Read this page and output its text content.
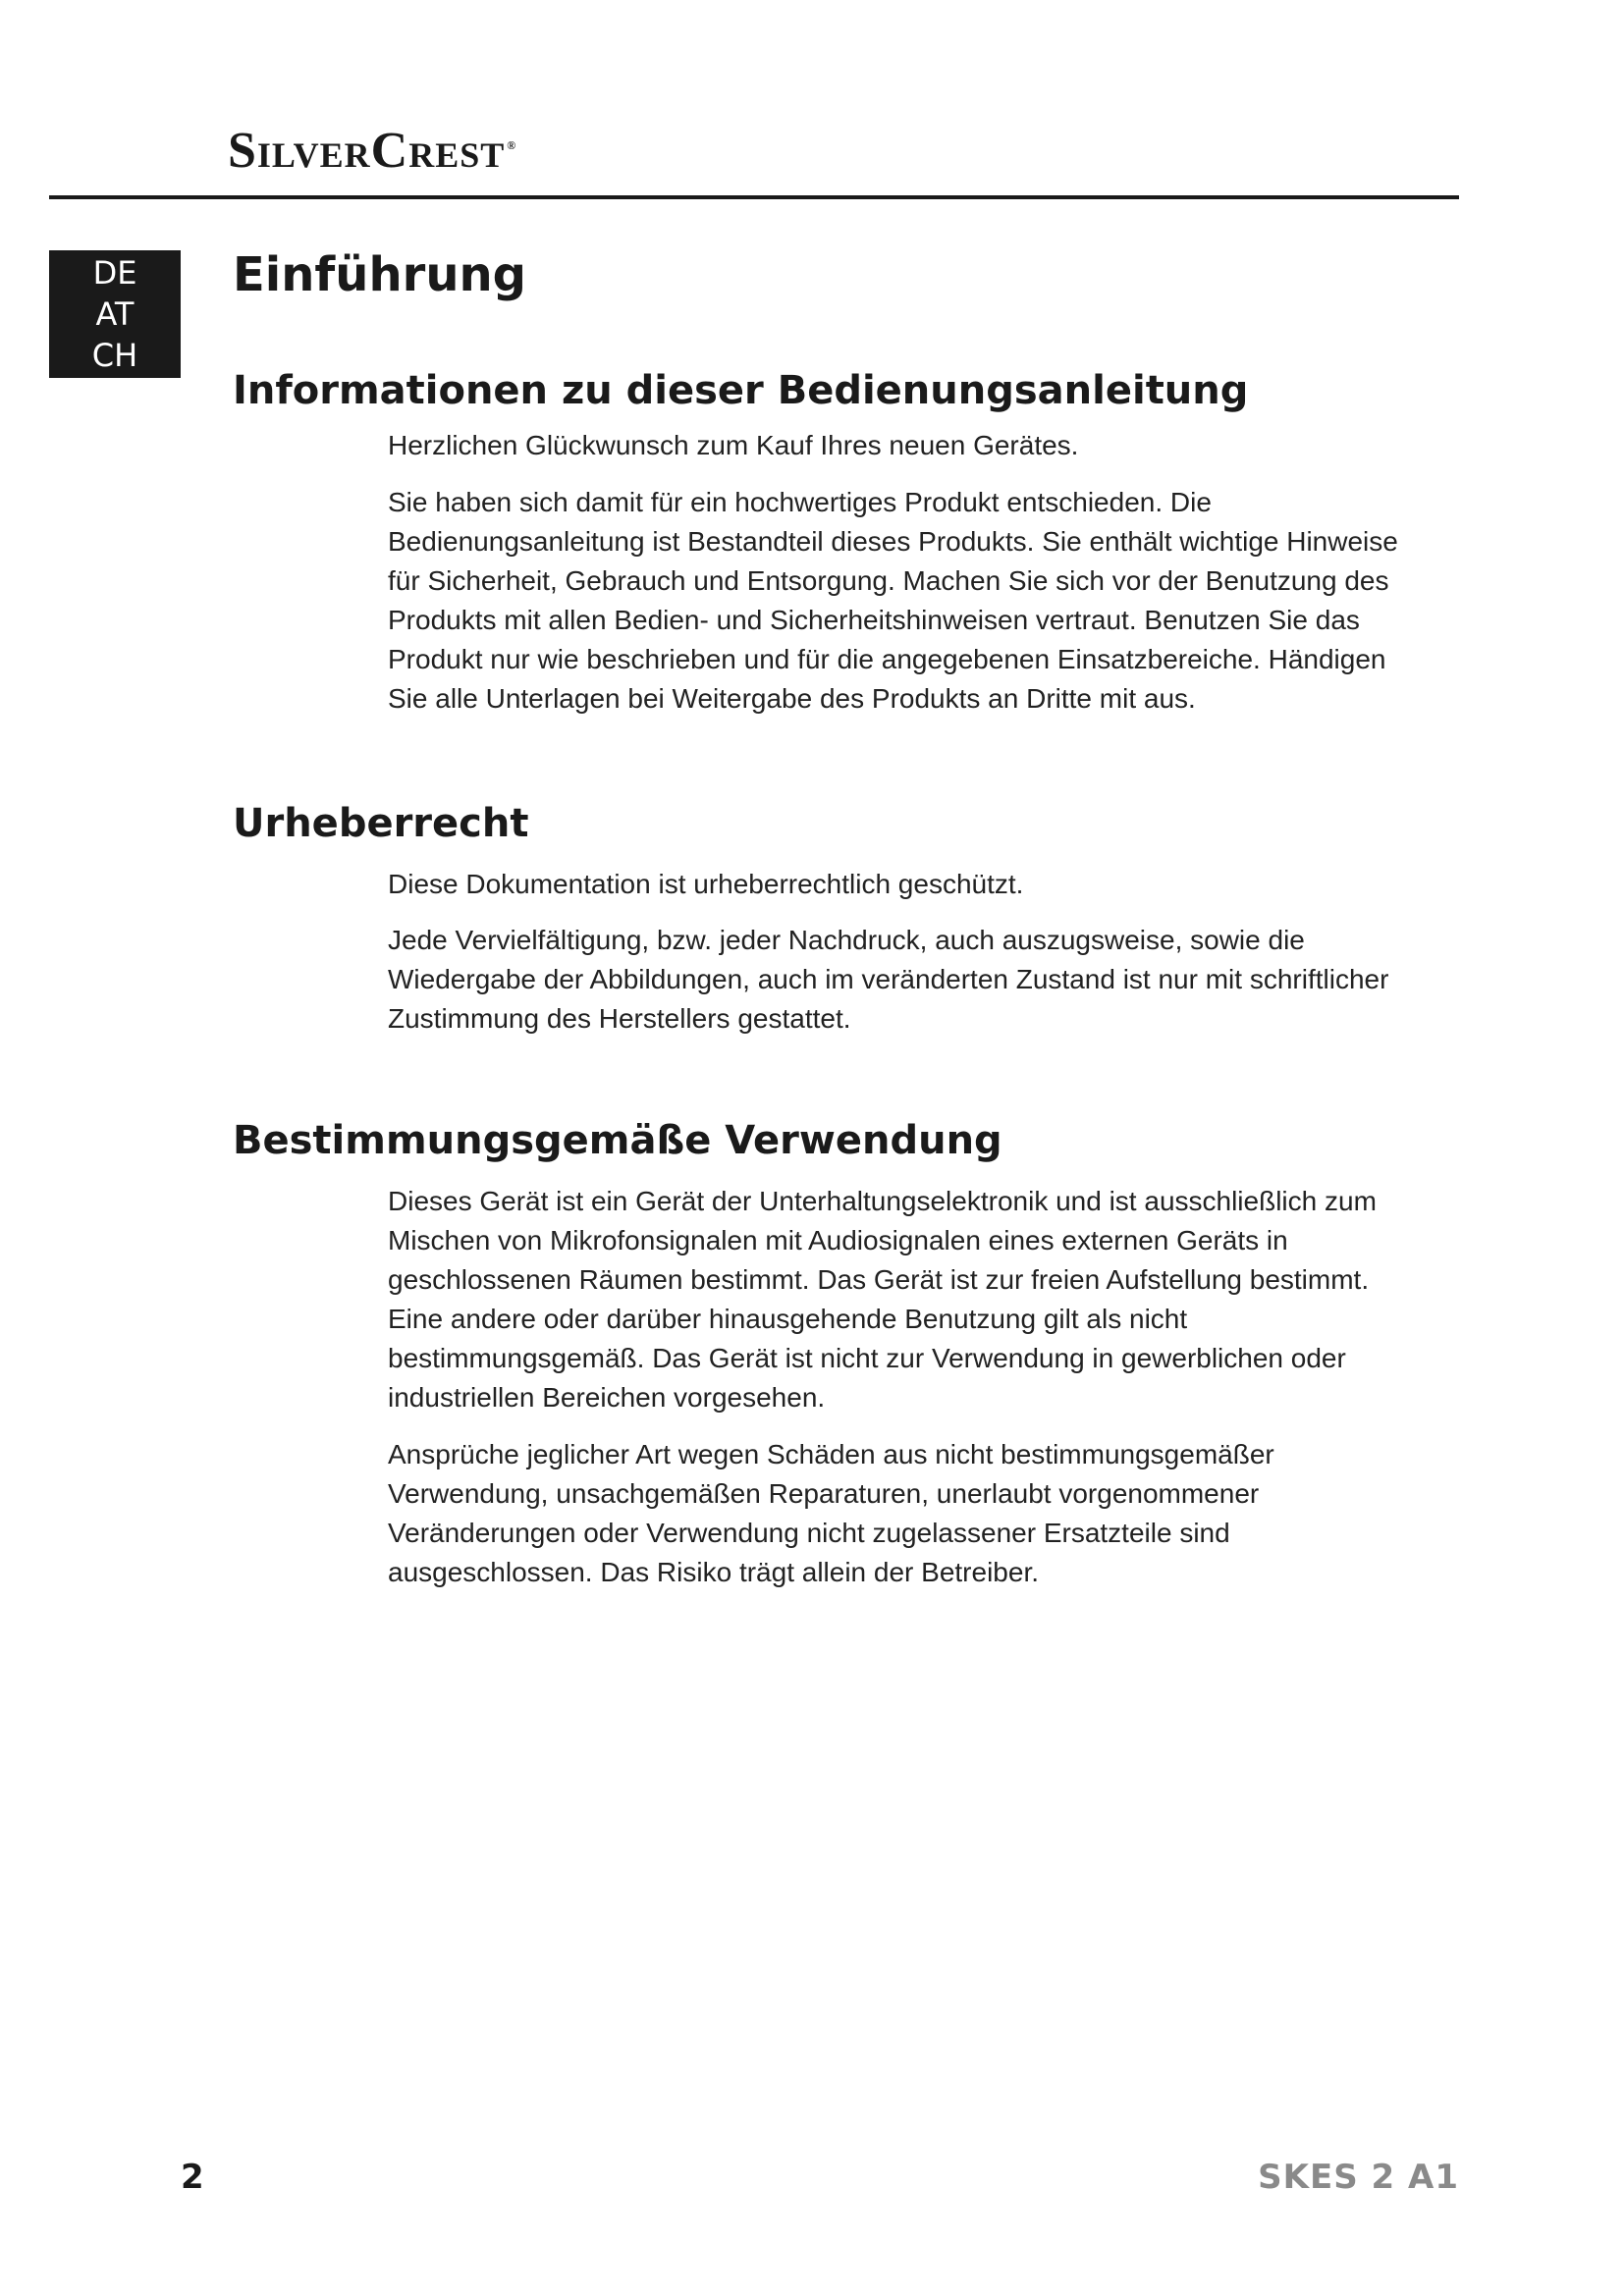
SilverCrest ®
DE
AT
CH
Einführung
Informationen zu dieser Bedienungsanleitung

Herzlichen Glückwunsch zum Kauf Ihres neuen Gerätes.

Sie haben sich damit für ein hochwertiges Produkt entschieden. Die Bedienungsanleitung ist Bestandteil dieses Produkts. Sie enthält wichtige Hinweise für Sicherheit, Gebrauch und Entsorgung. Machen Sie sich vor der Benutzung des Produkts mit allen Bedien- und Sicherheitshinweisen vertraut. Benutzen Sie das Produkt nur wie beschrieben und für die angegebenen Einsatzbereiche. Händigen Sie alle Unterlagen bei Weitergabe des Produkts an Dritte mit aus.

Urheberrecht

Diese Dokumentation ist urheberrechtlich geschützt.

Jede Vervielfältigung, bzw. jeder Nachdruck, auch auszugsweise, sowie die Wiedergabe der Abbildungen, auch im veränderten Zustand ist nur mit schriftlicher Zustimmung des Herstellers gestattet.

Bestimmungsgemäße Verwendung

Dieses Gerät ist ein Gerät der Unterhaltungselektronik und ist ausschließlich zum Mischen von Mikrofonsignalen mit Audiosignalen eines externen Geräts in geschlossenen Räumen bestimmt. Das Gerät ist zur freien Aufstellung bestimmt. Eine andere oder darüber hinausgehende Benutzung gilt als nicht bestimmungsgemäß. Das Gerät ist nicht zur Verwendung in gewerblichen oder industriellen Bereichen vorgesehen.

Ansprüche jeglicher Art wegen Schäden aus nicht bestimmungsgemäßer Verwendung, unsachgemäßen Reparaturen, unerlaubt vorgenommener Veränderungen oder Verwendung nicht zugelassener Ersatzteile sind ausgeschlossen. Das Risiko trägt allein der Betreiber.

2	SKES 2 A1
